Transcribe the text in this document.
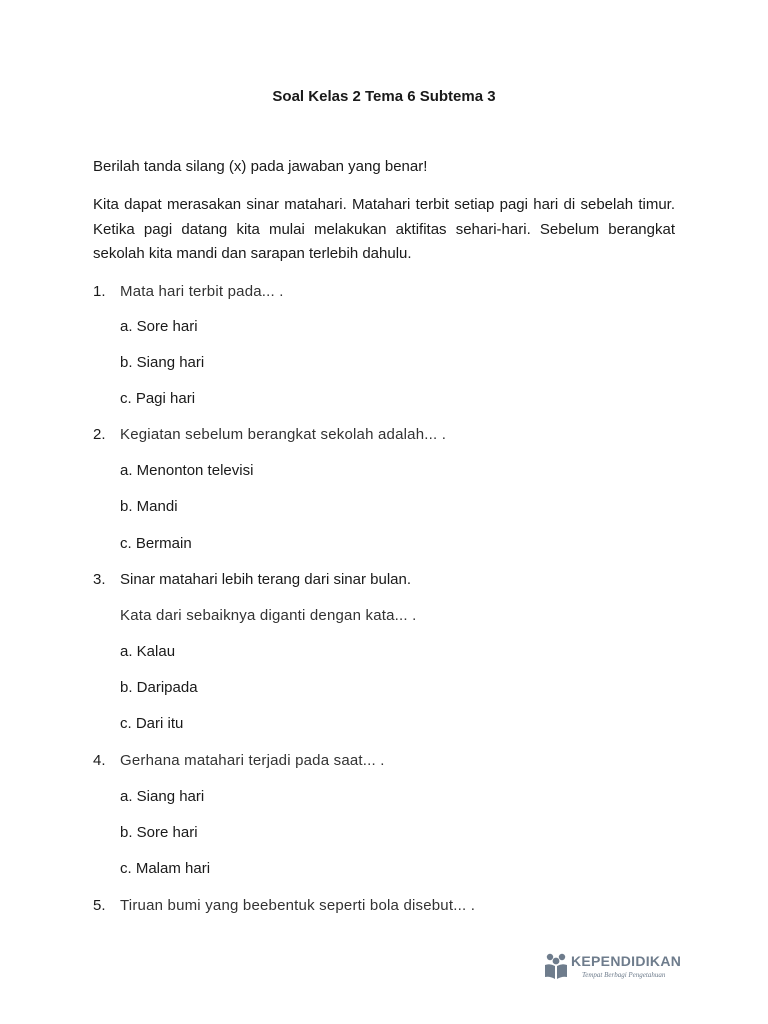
Soal Kelas 2 Tema 6 Subtema 3
Berilah tanda silang (x) pada jawaban yang benar!
Kita dapat merasakan sinar matahari. Matahari terbit setiap pagi hari di sebelah timur. Ketika pagi datang kita mulai melakukan aktifitas sehari-hari. Sebelum berangkat sekolah kita mandi dan sarapan terlebih dahulu.
1. Mata hari terbit pada... .
a. Sore hari
b. Siang hari
c. Pagi hari
2. Kegiatan sebelum berangkat sekolah adalah... .
a. Menonton televisi
b. Mandi
c. Bermain
3. Sinar matahari lebih terang dari sinar bulan.
Kata dari sebaiknya diganti dengan kata... .
a. Kalau
b. Daripada
c. Dari itu
4. Gerhana matahari terjadi pada saat... .
a. Siang hari
b. Sore hari
c. Malam hari
5. Tiruan bumi yang beebentuk seperti bola disebut... .
KEPENDIDIKAN
Tempat Berbagi Pengetahuan
